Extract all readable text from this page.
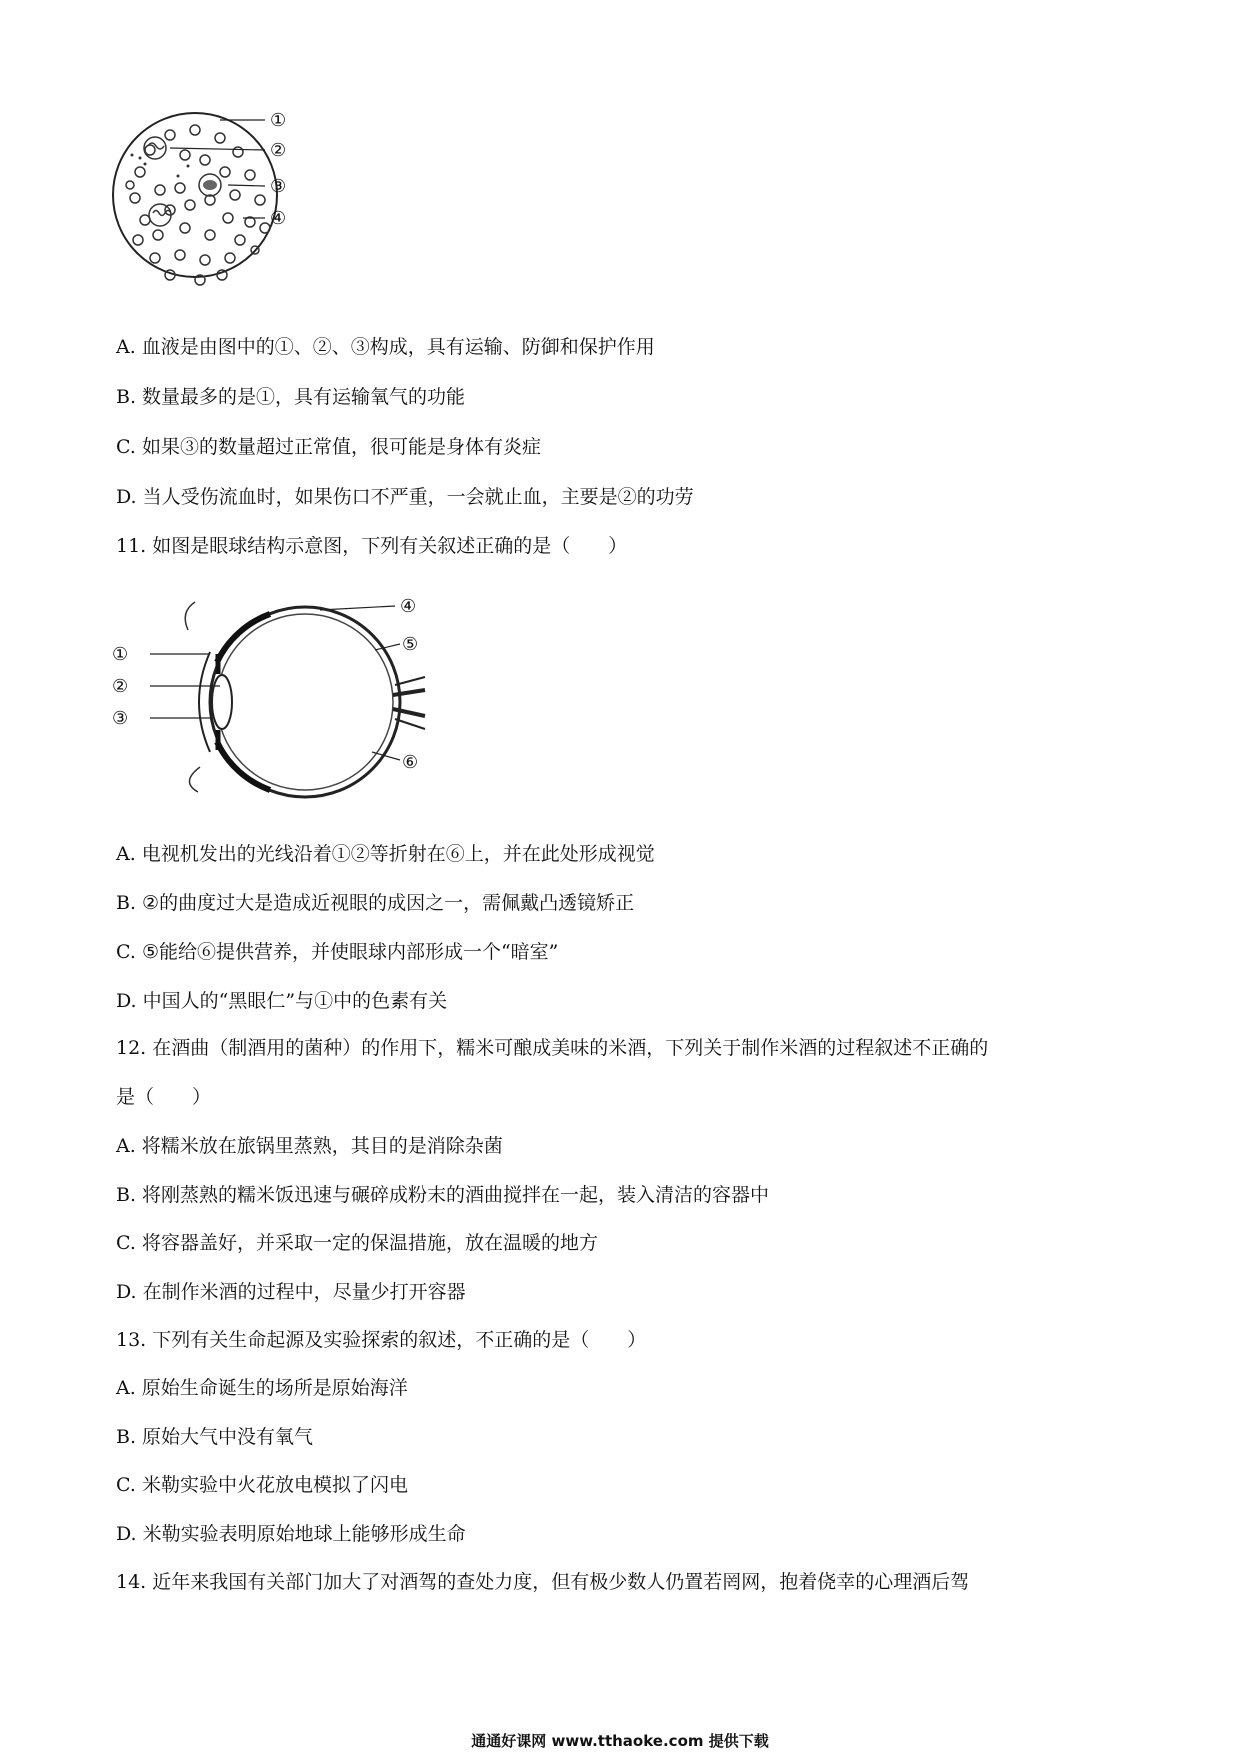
①
②
③
④
A. 血液是由图中的①、②、③构成，具有运输、防御和保护作用
B. 数量最多的是①，具有运输氧气的功能
C. 如果③的数量超过正常值，很可能是身体有炎症
D. 当人受伤流血时，如果伤口不严重，一会就止血，主要是②的功劳
11. 如图是眼球结构示意图，下列有关叙述正确的是（　　）
①
②
③
④
⑤
⑥
A. 电视机发出的光线沿着①②等折射在⑥上，并在此处形成视觉
B. ②的曲度过大是造成近视眼的成因之一，需佩戴凸透镜矫正
C. ⑤能给⑥提供营养，并使眼球内部形成一个“暗室”
D. 中国人的“黑眼仁”与①中的色素有关
12. 在酒曲（制酒用的菌种）的作用下，糯米可酿成美味的米酒，下列关于制作米酒的过程叙述不正确的
是（　　）
A. 将糯米放在旅锅里蒸熟，其目的是消除杂菌
B. 将刚蒸熟的糯米饭迅速与碾碎成粉末的酒曲搅拌在一起，装入清洁的容器中
C. 将容器盖好，并采取一定的保温措施，放在温暖的地方
D. 在制作米酒的过程中，尽量少打开容器
13. 下列有关生命起源及实验探索的叙述，不正确的是（　　）
A. 原始生命诞生的场所是原始海洋
B. 原始大气中没有氧气
C. 米勒实验中火花放电模拟了闪电
D. 米勒实验表明原始地球上能够形成生命
14. 近年来我国有关部门加大了对酒驾的查处力度，但有极少数人仍置若罔网，抱着侥幸的心理酒后驾
通通好课网 www.tthaoke.com 提供下载
